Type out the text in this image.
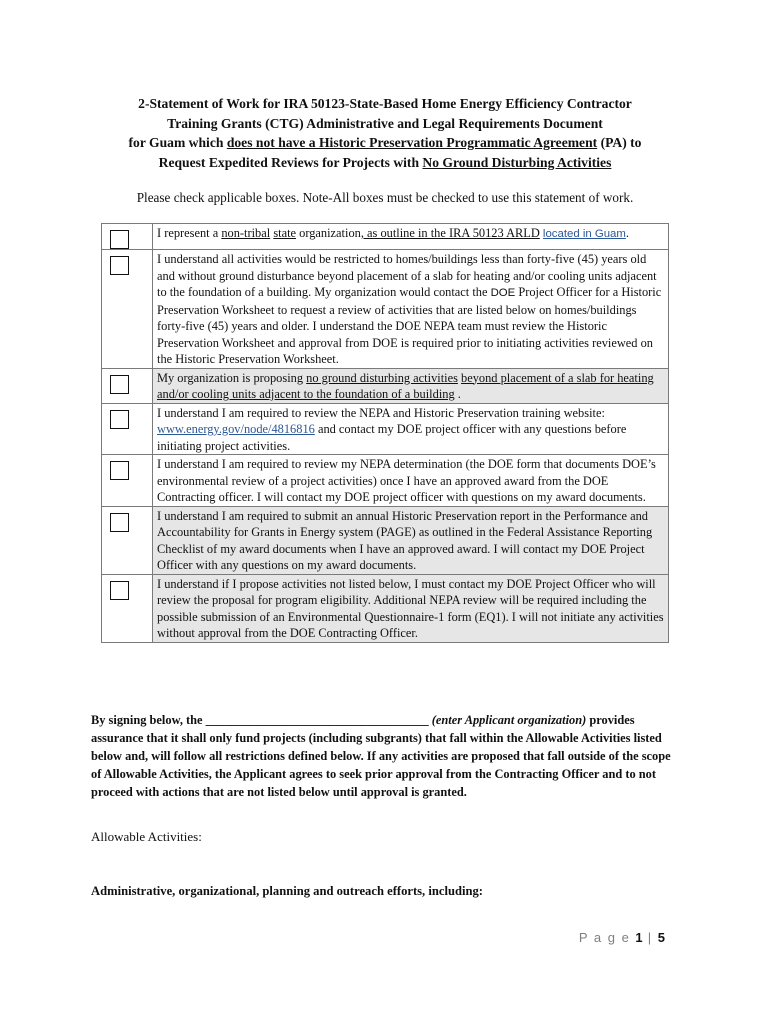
2-Statement of Work for IRA 50123-State-Based Home Energy Efficiency Contractor
Training Grants (CTG) Administrative and Legal Requirements Document
for Guam which does not have a Historic Preservation Programmatic Agreement (PA) to
Request Expedited Reviews for Projects with No Ground Disturbing Activities
Please check applicable boxes. Note-All boxes must be checked to use this statement of work.
	I represent a non-tribal state organization, as outline in the IRA 50123 ARLD located in Guam.

	I understand all activities would be restricted to homes/buildings less than forty-five (45) years old and without ground disturbance beyond placement of a slab for heating and/or cooling units adjacent to the foundation of a building. My organization would contact the DOE Project Officer for a Historic Preservation Worksheet to request a review of activities that are listed below on homes/buildings forty-five (45) years and older. I understand the DOE NEPA team must review the Historic Preservation Worksheet and approval from DOE is required prior to initiating activities reviewed on the Historic Preservation Worksheet.

	My organization is proposing no ground disturbing activities beyond placement of a slab for heating and/or cooling units adjacent to the foundation of a building .

	I understand I am required to review the NEPA and Historic Preservation training website: www.energy.gov/node/4816816 and contact my DOE project officer with any questions before initiating project activities.

	I understand I am required to review my NEPA determination (the DOE form that documents DOE’s environmental review of a project activities) once I have an approved award from the DOE Contracting officer. I will contact my DOE project officer with questions on my award documents.

	I understand I am required to submit an annual Historic Preservation report in the Performance and Accountability for Grants in Energy system (PAGE) as outlined in the Federal Assistance Reporting Checklist of my award documents when I have an approved award. I will contact my DOE Project Officer with any questions on my award documents.

	I understand if I propose activities not listed below, I must contact my DOE Project Officer who will review the proposal for program eligibility. Additional NEPA review will be required including the possible submission of an Environmental Questionnaire-1 form (EQ1). I will not initiate any activities without approval from the DOE Contracting Officer.
By signing below, the ____________________________________ (enter Applicant organization) provides assurance that it shall only fund projects (including subgrants) that fall within the Allowable Activities listed below and, will follow all restrictions defined below. If any activities are proposed that fall outside of the scope of Allowable Activities, the Applicant agrees to seek prior approval from the Contracting Officer and to not proceed with actions that are not listed below until approval is granted.
Allowable Activities:
Administrative, organizational, planning and outreach efforts, including:
P a g e 1 | 5
